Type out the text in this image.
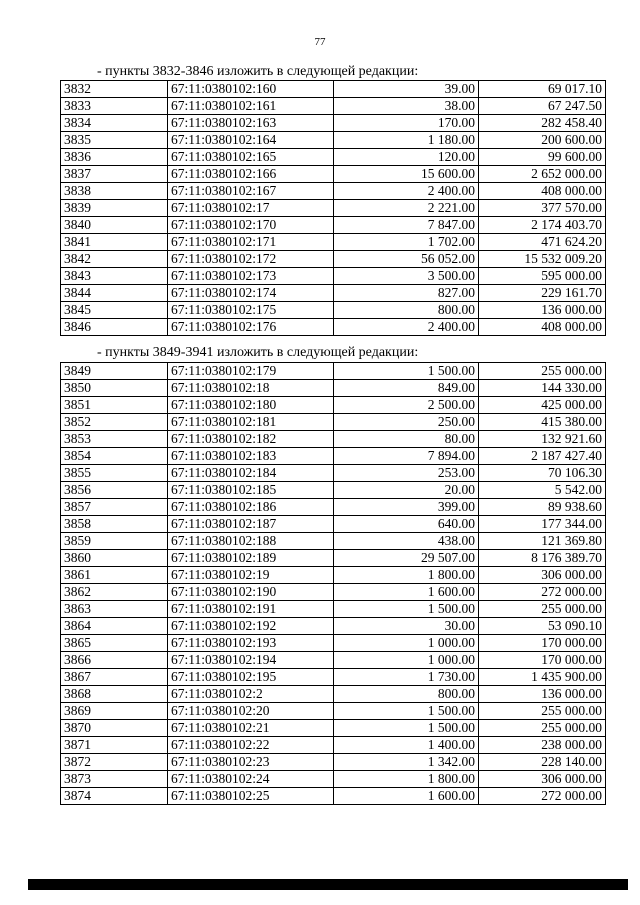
77
- пункты 3832-3846 изложить в следующей редакции:
3832	67:11:0380102:160	39.00	69 017.10
3833	67:11:0380102:161	38.00	67 247.50
3834	67:11:0380102:163	170.00	282 458.40
3835	67:11:0380102:164	1 180.00	200 600.00
3836	67:11:0380102:165	120.00	99 600.00
3837	67:11:0380102:166	15 600.00	2 652 000.00
3838	67:11:0380102:167	2 400.00	408 000.00
3839	67:11:0380102:17	2 221.00	377 570.00
3840	67:11:0380102:170	7 847.00	2 174 403.70
3841	67:11:0380102:171	1 702.00	471 624.20
3842	67:11:0380102:172	56 052.00	15 532 009.20
3843	67:11:0380102:173	3 500.00	595 000.00
3844	67:11:0380102:174	827.00	229 161.70
3845	67:11:0380102:175	800.00	136 000.00
3846	67:11:0380102:176	2 400.00	408 000.00
- пункты 3849-3941 изложить в следующей редакции:
3849	67:11:0380102:179	1 500.00	255 000.00
3850	67:11:0380102:18	849.00	144 330.00
3851	67:11:0380102:180	2 500.00	425 000.00
3852	67:11:0380102:181	250.00	415 380.00
3853	67:11:0380102:182	80.00	132 921.60
3854	67:11:0380102:183	7 894.00	2 187 427.40
3855	67:11:0380102:184	253.00	70 106.30
3856	67:11:0380102:185	20.00	5 542.00
3857	67:11:0380102:186	399.00	89 938.60
3858	67:11:0380102:187	640.00	177 344.00
3859	67:11:0380102:188	438.00	121 369.80
3860	67:11:0380102:189	29 507.00	8 176 389.70
3861	67:11:0380102:19	1 800.00	306 000.00
3862	67:11:0380102:190	1 600.00	272 000.00
3863	67:11:0380102:191	1 500.00	255 000.00
3864	67:11:0380102:192	30.00	53 090.10
3865	67:11:0380102:193	1 000.00	170 000.00
3866	67:11:0380102:194	1 000.00	170 000.00
3867	67:11:0380102:195	1 730.00	1 435 900.00
3868	67:11:0380102:2	800.00	136 000.00
3869	67:11:0380102:20	1 500.00	255 000.00
3870	67:11:0380102:21	1 500.00	255 000.00
3871	67:11:0380102:22	1 400.00	238 000.00
3872	67:11:0380102:23	1 342.00	228 140.00
3873	67:11:0380102:24	1 800.00	306 000.00
3874	67:11:0380102:25	1 600.00	272 000.00
